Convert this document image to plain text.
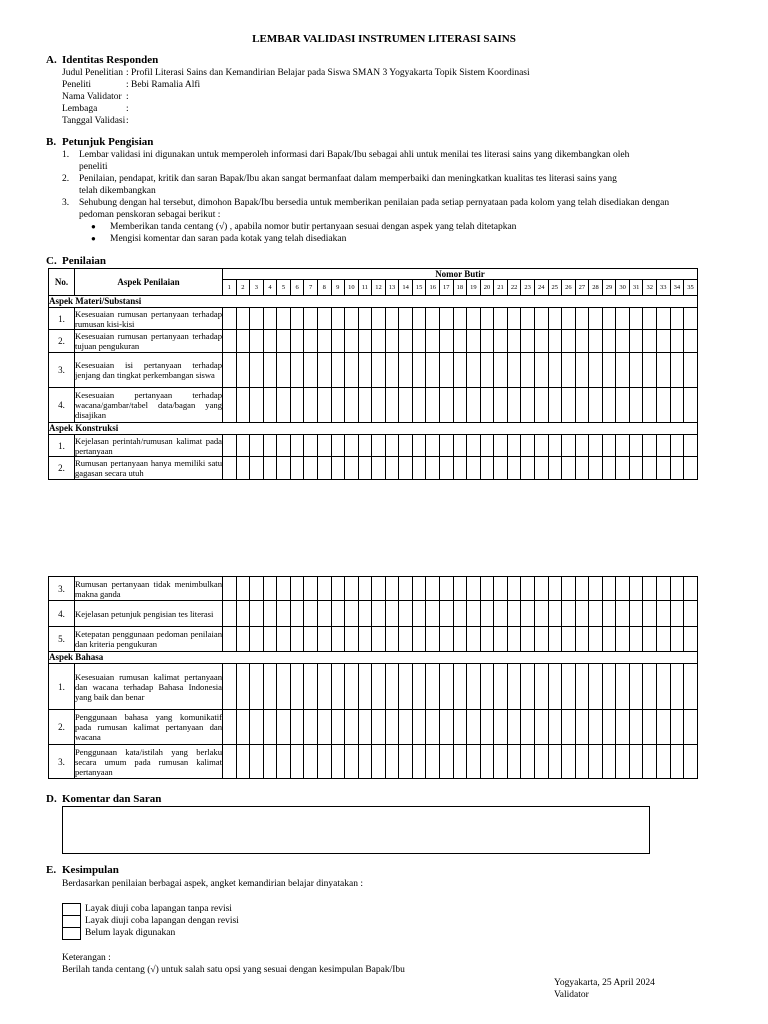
LEMBAR VALIDASI INSTRUMEN LITERASI SAINS
A. Identitas Responden
Judul Penelitian : Profil Literasi Sains dan Kemandirian Belajar pada Siswa SMAN 3 Yogyakarta Topik Sistem Koordinasi
Peneliti	: Bebi Ramalia Alfi
Nama Validator :
Lembaga	:
Tanggal Validasi:
B. Petunjuk Pengisian
1. Lembar validasi ini digunakan untuk memperoleh informasi dari Bapak/Ibu sebagai ahli untuk menilai tes literasi sains yang dikembangkan oleh
peneliti
2. Penilaian, pendapat, kritik dan saran Bapak/Ibu akan sangat bermanfaat dalam memperbaiki dan meningkatkan kualitas tes literasi sains yang
telah dikembangkan
3. Sehubung dengan hal tersebut, dimohon Bapak/Ibu bersedia untuk memberikan penilaian pada setiap pernyataan pada kolom yang telah disediakan dengan
pedoman penskoran sebagai berikut :
● Memberikan tanda centang (√) , apabila nomor butir pertanyaan sesuai dengan aspek yang telah ditetapkan
● Mengisi komentar dan saran pada kotak yang telah disediakan
C. Penilaian
No.	Aspek Penilaian	Nomor Butir																																		
		1	2	3	4	5	6	7	8	9	10	11	12	13	14	15	16	17	18	19	20	21	22	23	24	25	26	27	28	29	30	31	32	33	34	35
Aspek Materi/Substansi																																				
1.	Kesesuaian rumusan pertanyaan terhadap rumusan kisi-kisi																																			
2.	Kesesuaian rumusan pertanyaan terhadap tujuan pengukuran																																			
3.	Kesesuaian isi pertanyaan terhadap jenjang dan tingkat perkembangan siswa																																			
4.	Kesesuaian pertanyaan terhadap wacana/gambar/tabel data/bagan yang disajikan																																			
Aspek Konstruksi																																				
1.	Kejelasan perintah/rumusan kalimat pada pertanyaan																																			
2.	Rumusan pertanyaan hanya memiliki satu gagasan secara utuh																																			
3.	Rumusan pertanyaan tidak menimbulkan makna ganda																																			
4.	Kejelasan petunjuk pengisian tes literasi																																			
5.	Ketepatan penggunaan pedoman penilaian dan kriteria pengukuran																																			
Aspek Bahasa																																				
1.	Kesesuaian rumusan kalimat pertanyaan dan wacana terhadap Bahasa Indonesia yang baik dan benar																																			
2.	Penggunaan bahasa yang komunikatif pada rumusan kalimat pertanyaan dan wacana																																			
3.	Penggunaan kata/istilah yang berlaku secara umum pada rumusan kalimat pertanyaan																																			
D. Komentar dan Saran
E. Kesimpulan
Berdasarkan penilaian berbagai aspek, angket kemandirian belajar dinyatakan :
Layak diuji coba lapangan tanpa revisi
Layak diuji coba lapangan dengan revisi
Belum layak digunakan
Keterangan :
Berilah tanda centang (√) untuk salah satu opsi yang sesuai dengan kesimpulan Bapak/Ibu
Yogyakarta, 25 April 2024
Validator
